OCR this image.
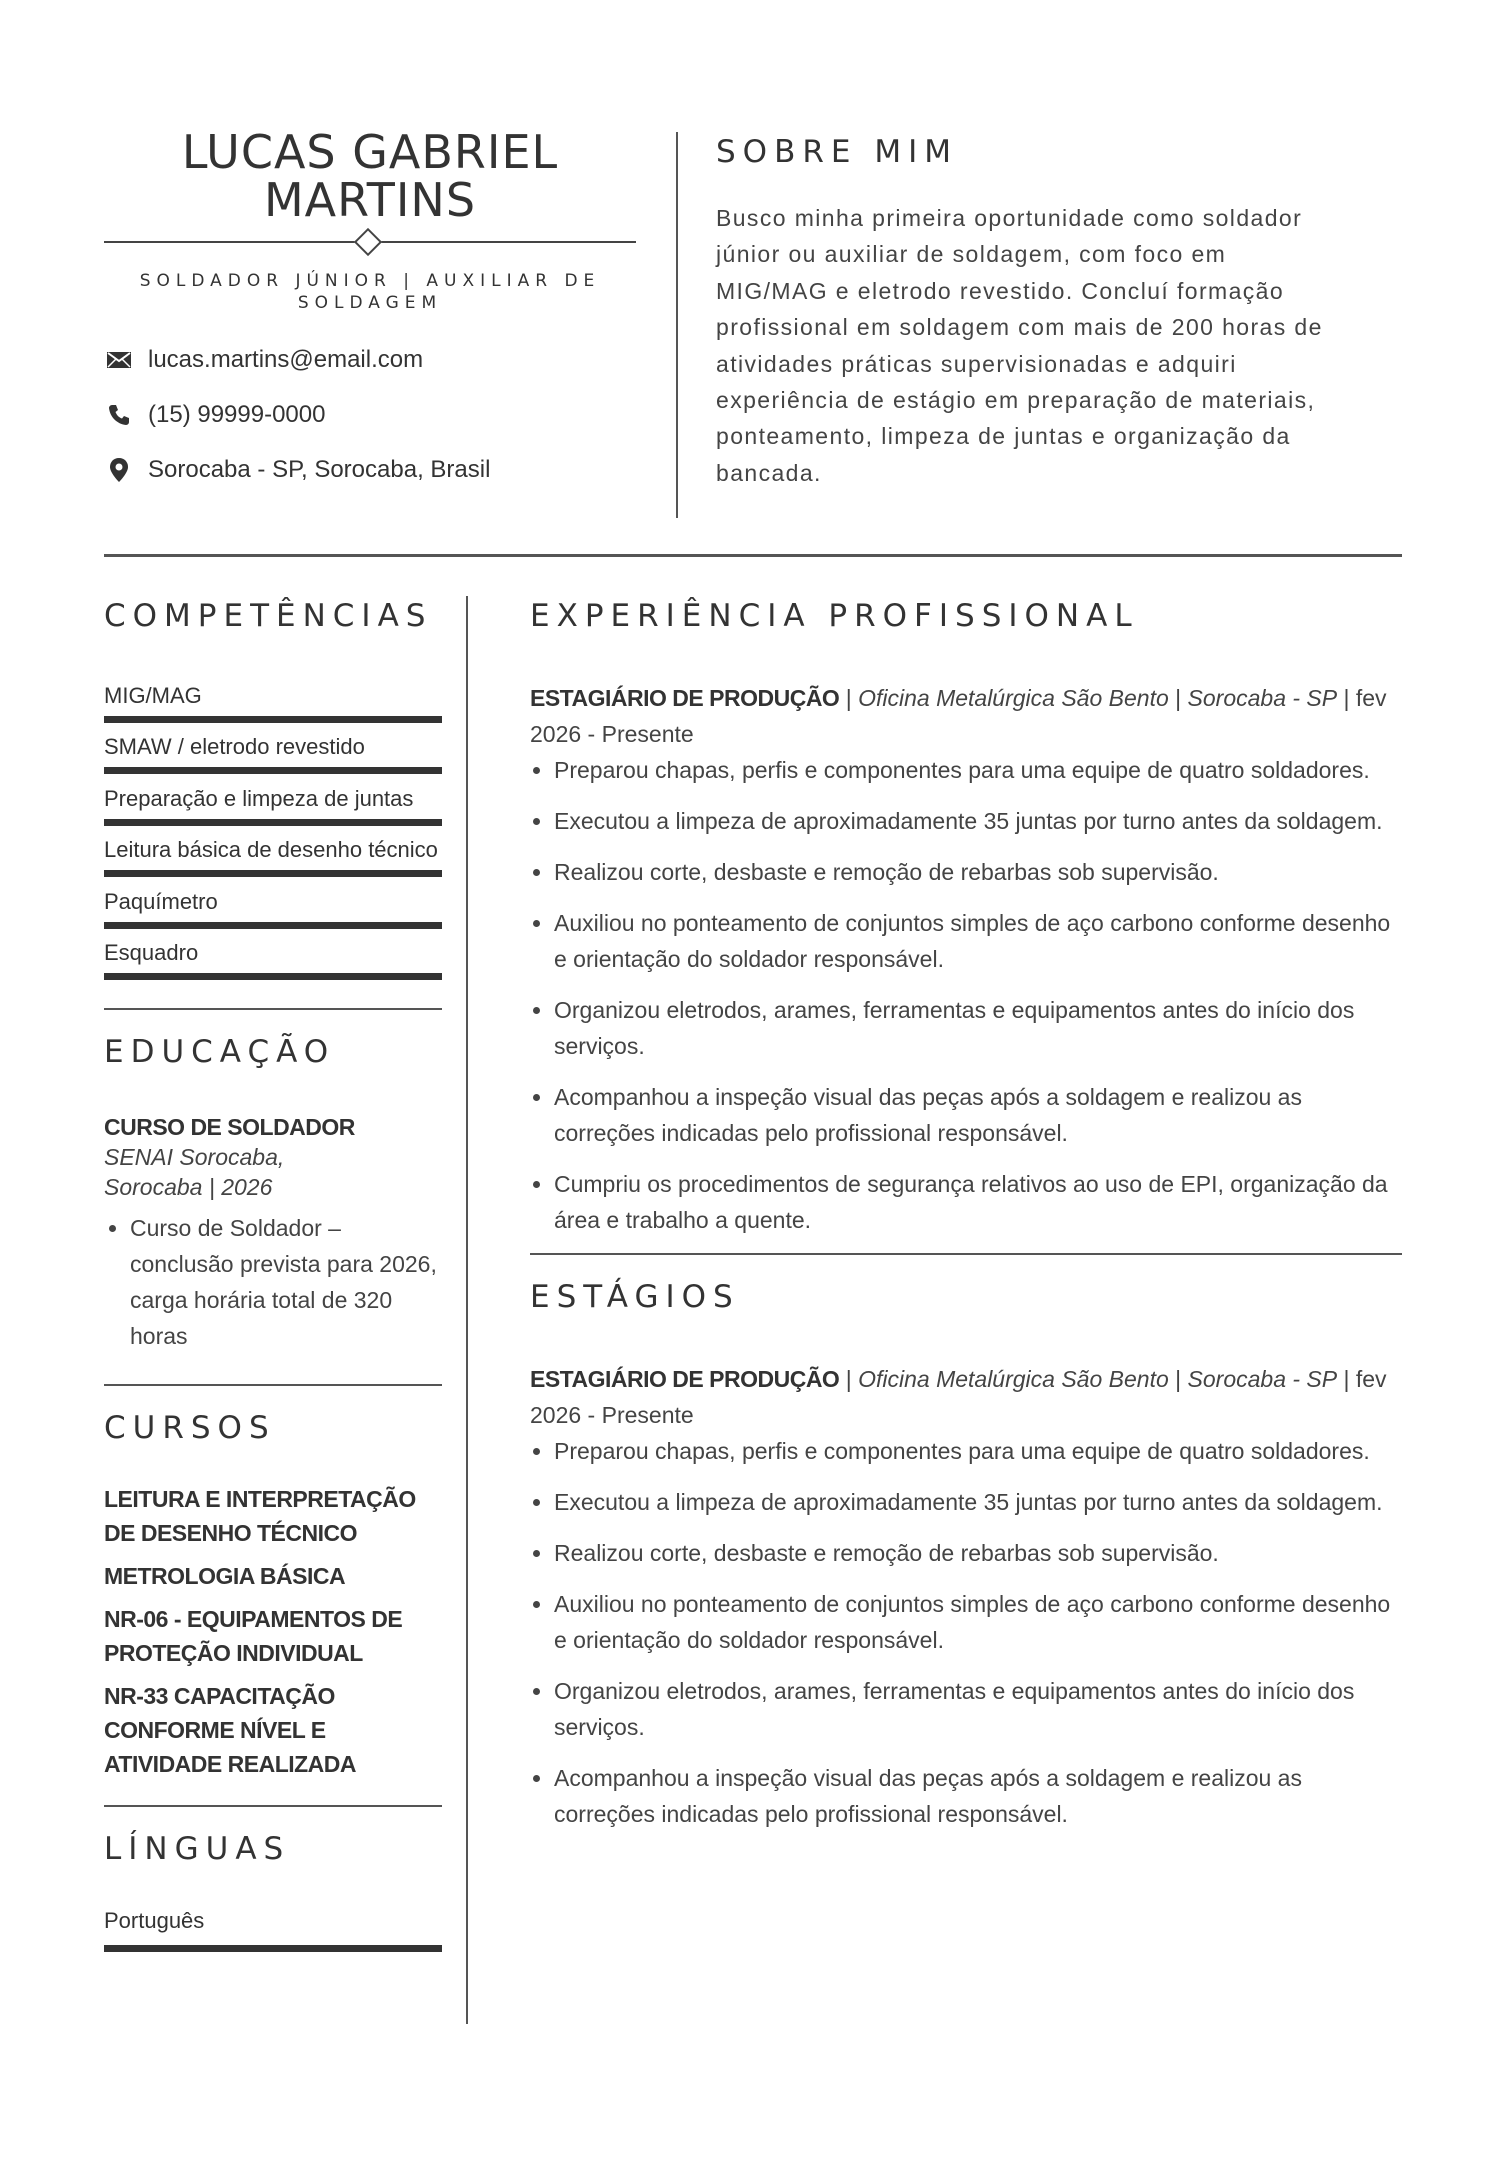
LUCAS GABRIEL
MARTINS
SOLDADOR JÚNIOR | AUXILIAR DE
SOLDAGEM
lucas.martins@email.com
(15) 99999-0000
Sorocaba - SP, Sorocaba, Brasil
SOBRE MIM
Busco minha primeira oportunidade como soldador
júnior ou auxiliar de soldagem, com foco em
MIG/MAG e eletrodo revestido. Concluí formação
profissional em soldagem com mais de 200 horas de
atividades práticas supervisionadas e adquiri
experiência de estágio em preparação de materiais,
ponteamento, limpeza de juntas e organização da
bancada.
COMPETÊNCIAS
MIG/MAG
SMAW / eletrodo revestido
Preparação e limpeza de juntas
Leitura básica de desenho técnico
Paquímetro
Esquadro
EDUCAÇÃO
CURSO DE SOLDADOR
SENAI Sorocaba,
Sorocaba | 2026
• Curso de Soldador – conclusão prevista para 2026, carga horária total de 320 horas
CURSOS
LEITURA E INTERPRETAÇÃO DE DESENHO TÉCNICO
METROLOGIA BÁSICA
NR-06 - EQUIPAMENTOS DE PROTEÇÃO INDIVIDUAL
NR-33 CAPACITAÇÃO CONFORME NÍVEL E ATIVIDADE REALIZADA
LÍNGUAS
Português
EXPERIÊNCIA PROFISSIONAL
ESTAGIÁRIO DE PRODUÇÃO | Oficina Metalúrgica São Bento | Sorocaba - SP | fev 2026 - Presente
• Preparou chapas, perfis e componentes para uma equipe de quatro soldadores.
• Executou a limpeza de aproximadamente 35 juntas por turno antes da soldagem.
• Realizou corte, desbaste e remoção de rebarbas sob supervisão.
• Auxiliou no ponteamento de conjuntos simples de aço carbono conforme desenho e orientação do soldador responsável.
• Organizou eletrodos, arames, ferramentas e equipamentos antes do início dos serviços.
• Acompanhou a inspeção visual das peças após a soldagem e realizou as correções indicadas pelo profissional responsável.
• Cumpriu os procedimentos de segurança relativos ao uso de EPI, organização da área e trabalho a quente.
ESTÁGIOS
ESTAGIÁRIO DE PRODUÇÃO | Oficina Metalúrgica São Bento | Sorocaba - SP | fev 2026 - Presente
• Preparou chapas, perfis e componentes para uma equipe de quatro soldadores.
• Executou a limpeza de aproximadamente 35 juntas por turno antes da soldagem.
• Realizou corte, desbaste e remoção de rebarbas sob supervisão.
• Auxiliou no ponteamento de conjuntos simples de aço carbono conforme desenho e orientação do soldador responsável.
• Organizou eletrodos, arames, ferramentas e equipamentos antes do início dos serviços.
• Acompanhou a inspeção visual das peças após a soldagem e realizou as correções indicadas pelo profissional responsável.
